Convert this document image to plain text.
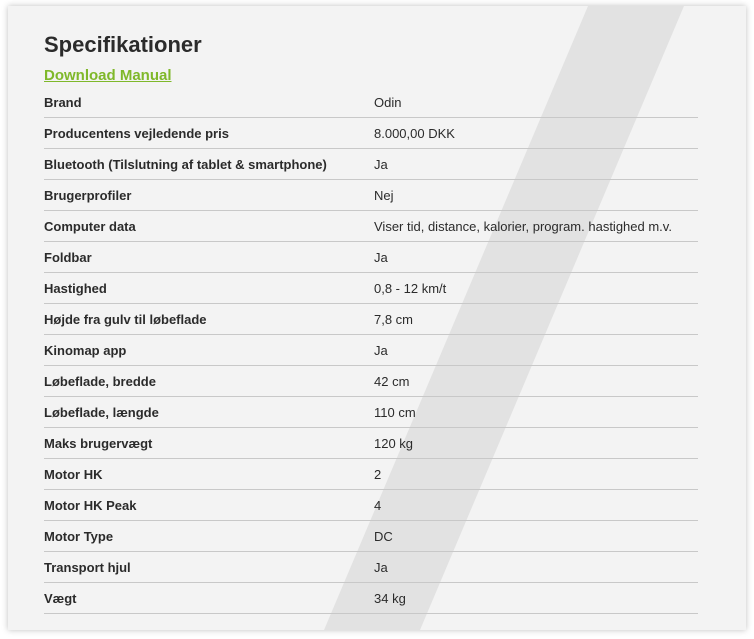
Specifikationer
Download Manual
Brand	Odin
Producentens vejledende pris	8.000,00 DKK
Bluetooth (Tilslutning af tablet & smartphone)	Ja
Brugerprofiler	Nej
Computer data	Viser tid, distance, kalorier, program. hastighed m.v.
Foldbar	Ja
Hastighed	0,8 - 12 km/t
Højde fra gulv til løbeflade	7,8 cm
Kinomap app	Ja
Løbeflade, bredde	42 cm
Løbeflade, længde	110 cm
Maks brugervægt	120 kg
Motor HK	2
Motor HK Peak	4
Motor Type	DC
Transport hjul	Ja
Vægt	34 kg
